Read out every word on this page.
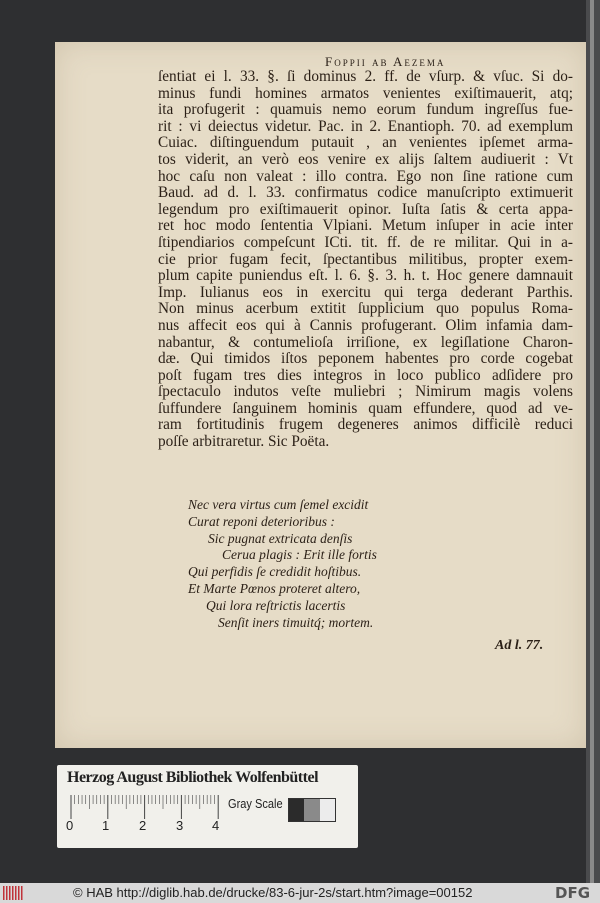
Foppii ab Aezema
ſentiat ei l. 33. §. ſi dominus 2. ff. de vſurp. & vſuc. Si do-
minus fundi homines armatos venientes exiſtimauerit, atq;
ita profugerit : quamuis nemo eorum fundum ingreſſus fue-
rit : vi deiectus videtur. Pac. in 2. Enantioph. 70. ad exemplum
Cuiac. diſtinguendum putauit , an venientes ipſemet arma-
tos viderit, an verò eos venire ex alijs ſaltem audiuerit : Vt
hoc caſu non valeat : illo contra. Ego non ſine ratione cum
Baud. ad d. l. 33. confirmatus codice manuſcripto extimuerit
legendum pro exiſtimauerit opinor. Iuſta ſatis & certa appa-
ret hoc modo ſententia Vlpiani. Metum inſuper in acie inter
ſtipendiarios compeſcunt ICti. tit. ff. de re militar. Qui in a-
cie prior fugam fecit, ſpectantibus militibus, propter exem-
plum capite puniendus eſt. l. 6. §. 3. h. t. Hoc genere damnauit
Imp. Iulianus eos in exercitu qui terga dederant Parthis.
Non minus acerbum extitit ſupplicium quo populus Roma-
nus affecit eos qui à Cannis profugerant. Olim infamia dam-
nabantur, & contumelioſa irriſione, ex legiſlatione Charon-
dæ. Qui timidos iſtos peponem habentes pro corde cogebat
poſt fugam tres dies integros in loco publico adſidere pro
ſpectaculo indutos veſte muliebri ; Nimirum magis volens
ſuffundere ſanguinem hominis quam effundere, quod ad ve-
ram fortitudinis frugem degeneres animos difficilè reduci
poſſe arbitraretur. Sic Poëta.
Nec vera virtus cum ſemel excidit
Curat reponi deterioribus :
Sic pugnat extricata denſis
Cerua plagis : Erit ille fortis
Qui perfidis ſe credidit hoſtibus.
Et Marte Pœnos proteret altero,
Qui lora reſtrictis lacertis
Senſit iners timuitq́; mortem.
Ad l. 77.
Herzog August Bibliothek Wolfenbüttel
0 1 2 3 4
Gray Scale
© HAB http://diglib.hab.de/drucke/83-6-jur-2s/start.htm?image=00152	DFG
